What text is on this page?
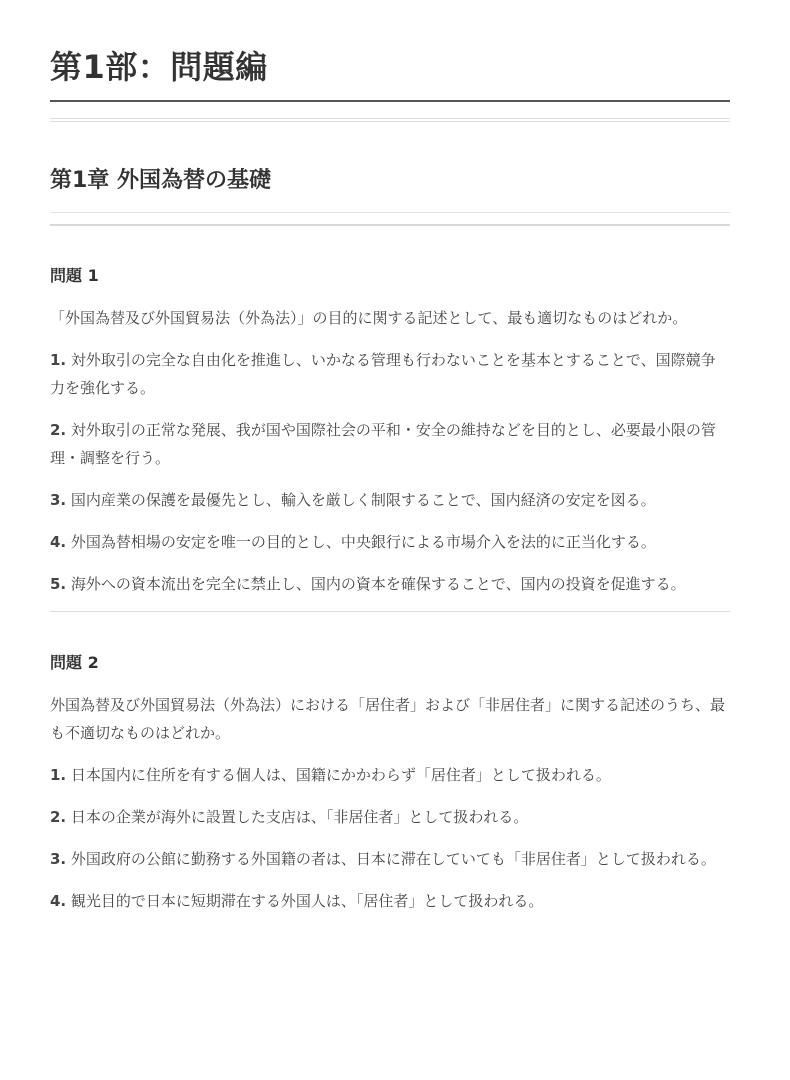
第1部：問題編
第1章 外国為替の基礎
問題 1

「外国為替及び外国貿易法（外為法）」の目的に関する記述として、最も適切なものはどれか。

1. 対外取引の完全な自由化を推進し、いかなる管理も行わないことを基本とすることで、国際競争力を強化する。
2. 対外取引の正常な発展、我が国や国際社会の平和・安全の維持などを目的とし、必要最小限の管理・調整を行う。
3. 国内産業の保護を最優先とし、輸入を厳しく制限することで、国内経済の安定を図る。
4. 外国為替相場の安定を唯一の目的とし、中央銀行による市場介入を法的に正当化する。
5. 海外への資本流出を完全に禁止し、国内の資本を確保することで、国内の投資を促進する。
問題 2

外国為替及び外国貿易法（外為法）における「居住者」および「非居住者」に関する記述のうち、最も不適切なものはどれか。

1. 日本国内に住所を有する個人は、国籍にかかわらず「居住者」として扱われる。
2. 日本の企業が海外に設置した支店は、「非居住者」として扱われる。
3. 外国政府の公館に勤務する外国籍の者は、日本に滞在していても「非居住者」として扱われる。
4. 観光目的で日本に短期滞在する外国人は、「居住者」として扱われる。
